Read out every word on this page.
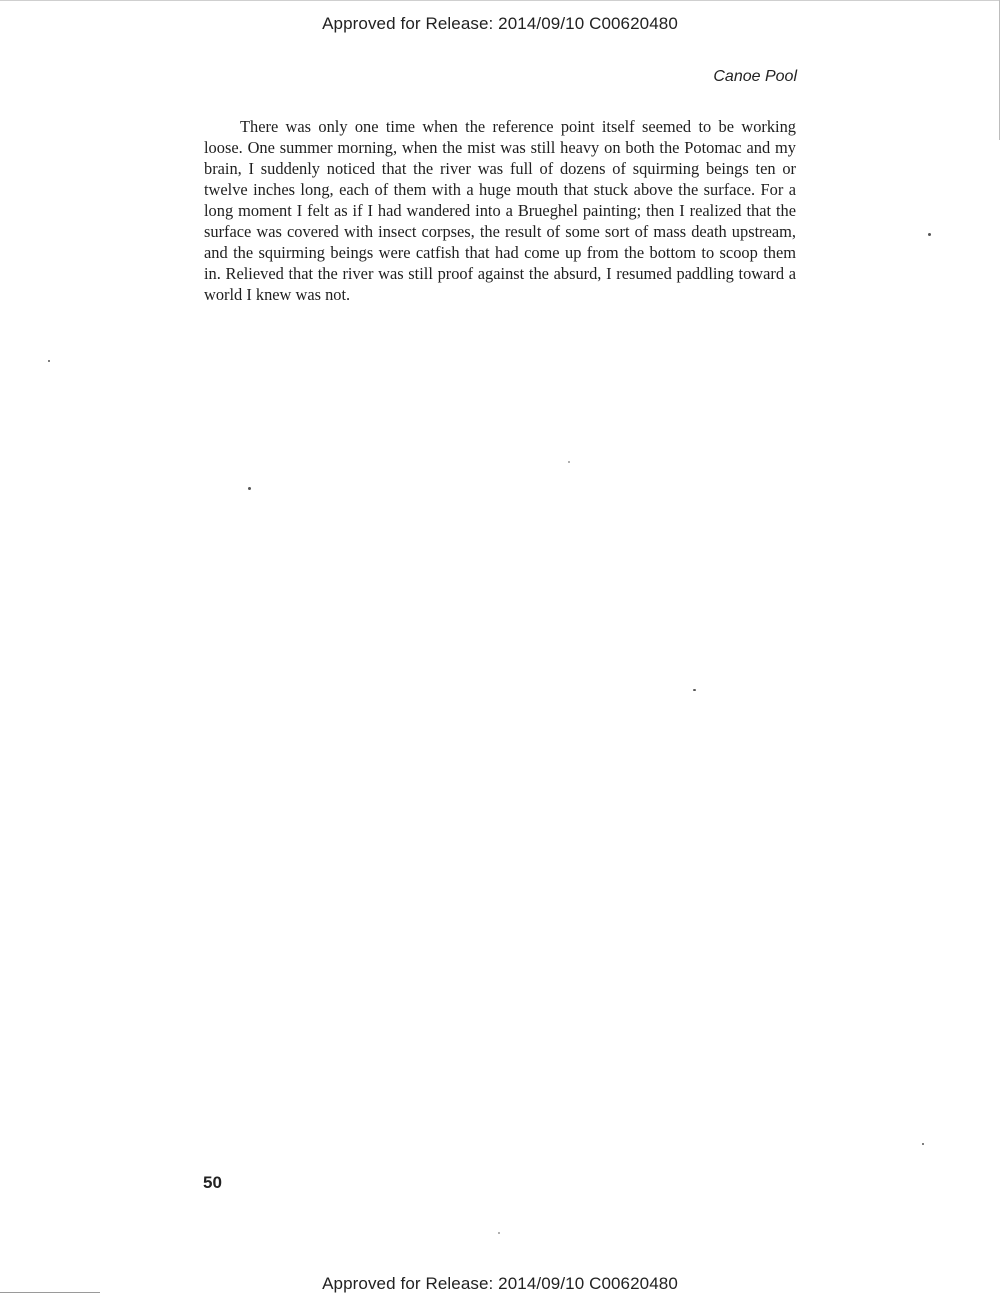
Approved for Release: 2014/09/10 C00620480
Canoe Pool

There was only one time when the reference point itself seemed to be working loose. One summer morning, when the mist was still heavy on both the Potomac and my brain, I suddenly noticed that the river was full of dozens of squirming beings ten or twelve inches long, each of them with a huge mouth that stuck above the surface. For a long moment I felt as if I had wandered into a Brueghel painting; then I realized that the surface was covered with insect corpses, the result of some sort of mass death upstream, and the squirming beings were catfish that had come up from the bottom to scoop them in. Relieved that the river was still proof against the absurd, I resumed paddling toward a world I knew was not.

50
Approved for Release: 2014/09/10 C00620480
